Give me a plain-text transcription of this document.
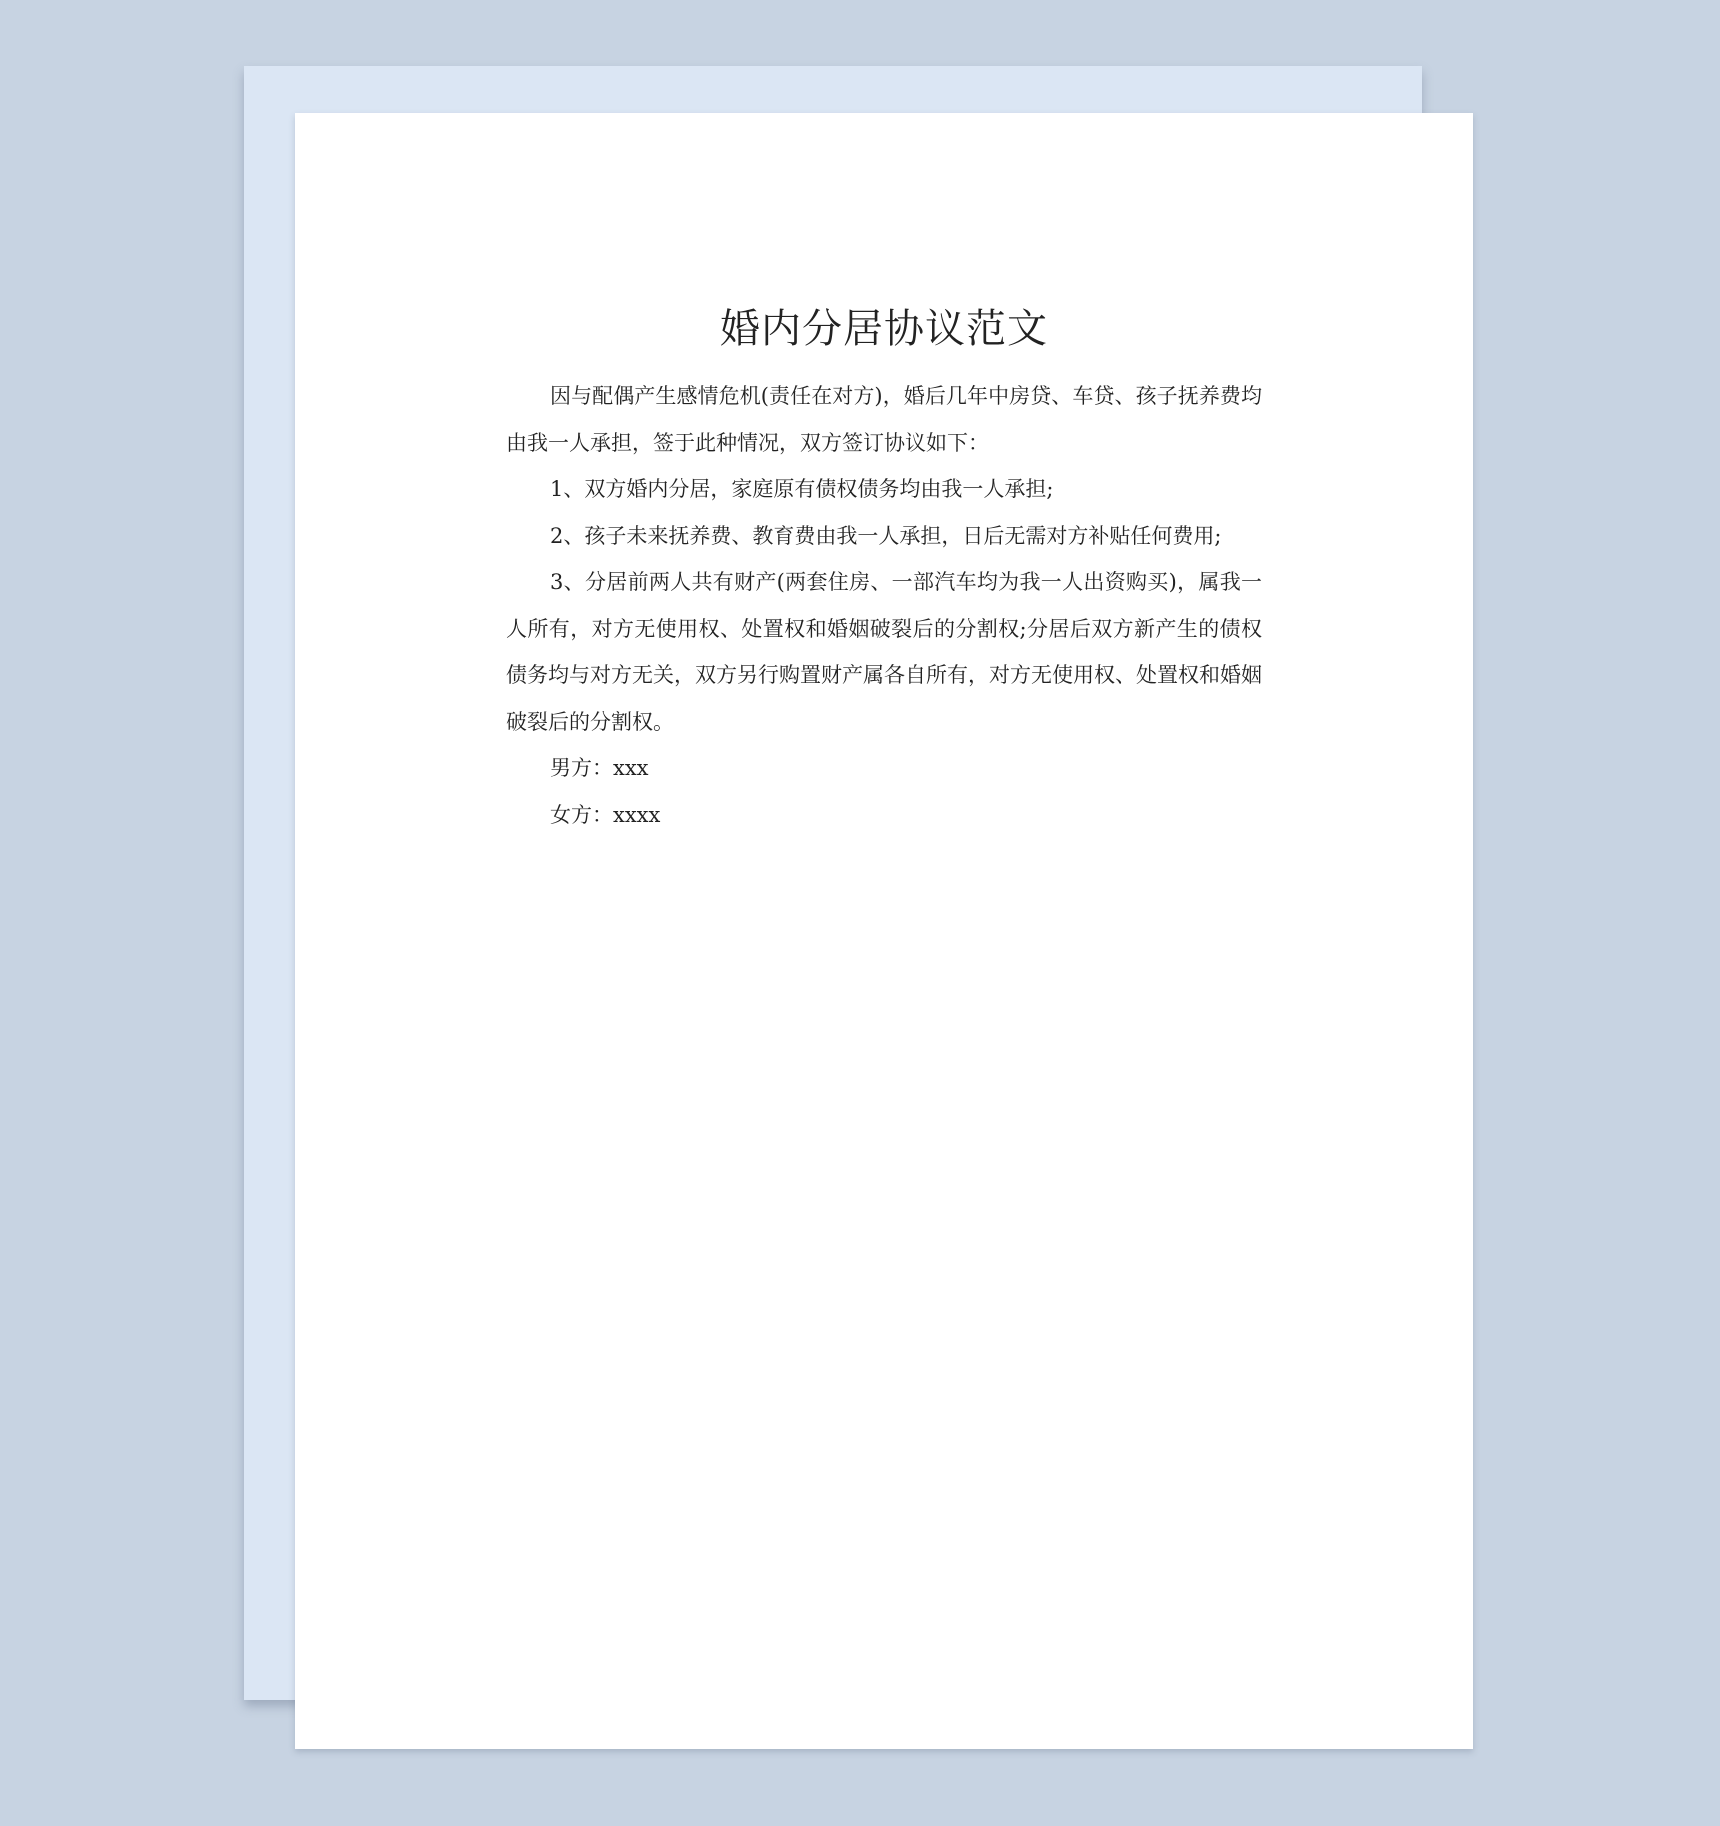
婚内分居协议范文

因与配偶产生感情危机(责任在对方)，婚后几年中房贷、车贷、孩子抚养费均由我一人承担，签于此种情况，双方签订协议如下：

1、双方婚内分居，家庭原有债权债务均由我一人承担;

2、孩子未来抚养费、教育费由我一人承担，日后无需对方补贴任何费用;

3、分居前两人共有财产(两套住房、一部汽车均为我一人出资购买)，属我一人所有，对方无使用权、处置权和婚姻破裂后的分割权;分居后双方新产生的债权债务均与对方无关，双方另行购置财产属各自所有，对方无使用权、处置权和婚姻破裂后的分割权。

男方：xxx

女方：xxxx
